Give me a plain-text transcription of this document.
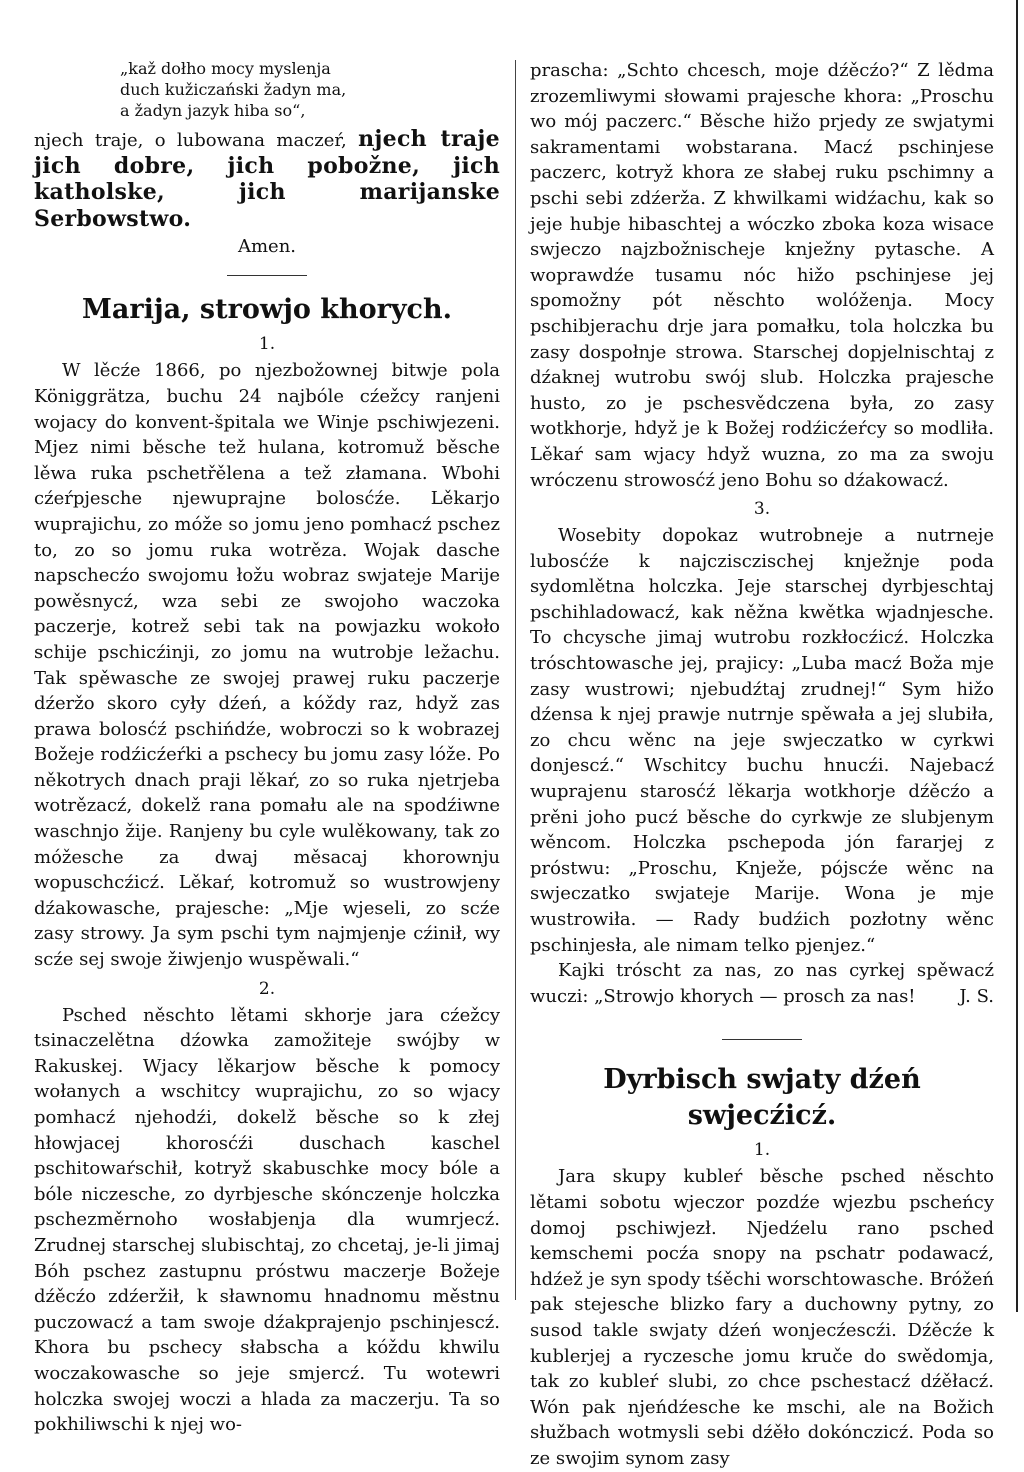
„kaž dołho mocy myslenja
duch kužiczański žadyn ma,
a žadyn jazyk hiba so“,

njech traje, o lubowana maczeŕ, njech traje jich dobre, jich pobožne, jich katholske, jich marijanske Serbowstwo.

Amen.
Marija, strowjo khorych.
1.

W lěcźe 1866, po njezbožownej bitwje pola Königgrätza, buchu 24 najbóle cźežcy ranjeni wojacy do konvent-špitala we Winje pschiwjezeni. Mjez nimi běsche tež hulana, kotromuž běsche lěwa ruka pschetřělena a tež złamana. Wbohi cźeŕpjesche njewuprajne bolosćźe. Lěkarjo wuprajichu, zo móže so jomu jeno pomhacź pschez to, zo so jomu ruka wotrěza. Wojak dasche napschecźo swojomu łožu wobraz swjateje Marije powěsnycź, wza sebi ze swojoho waczoka paczerje, kotrež sebi tak na powjazku wokoło schije pschicźinji, zo jomu na wutrobje ležachu. Tak spěwasche ze swojej prawej ruku paczerje dźeržo skoro cyły dźeń, a kóždy raz, hdyž zas prawa bolosćź pschińdźe, wobroczi so k wobrazej Božeje rodźicźeŕki a pschecy bu jomu zasy lóže. Po někotrych dnach praji lěkaŕ, zo so ruka njetrjeba wotrězacź, dokelž rana pomału ale na spodźiwne waschnjo žije. Ranjeny bu cyle wulěkowany, tak zo móžesche za dwaj měsacaj khorownju wopuschcźicź. Lěkaŕ, kotromuž so wustrowjeny dźakowasche, prajesche: „Mje wjeseli, zo scźe zasy strowy. Ja sym pschi tym najmjenje cźinił, wy scźe sej swoje žiwjenjo wuspěwali.“

2.

Psched něschto lětami skhorje jara cźežcy tsinaczelětna dźowka zamožiteje swójby w Rakuskej. Wjacy lěkarjow běsche k pomocy wołanych a wschitcy wuprajichu, zo so wjacy pomhacź njehodźi, dokelž běsche so k złej hłowjacej khorosćźi duschach kaschel pschitowaŕschił, kotryž skabuschke mocy bóle a bóle niczesche, zo dyrbjesche skónczenje holczka pschezměrnoho wosłabjenja dla wumrjecź. Zrudnej starschej slubischtaj, zo chcetaj, je-li jimaj Bóh pschez zastupnu próstwu maczerje Božeje dźěcźo zdźeržił, k sławnomu hnadnomu městnu puczowacź a tam swoje dźakprajenjo pschinjescź. Khora bu pschecy słabscha a kóždu khwilu woczakowasche so jeje smjercź. Tu wotewri holczka swojej woczi a hlada za maczerju. Ta so pokhiliwschi k njej wo-

praschа: „Schto chcesch, moje dźěcźo?“ Z lědma zrozemliwymi słowami prajesche khora: „Proschu wo mój paczerc.“ Běsche hižo prjedy ze swjatymi sakramentami wobstarana. Macź pschinjese paczerc, kotryž khora ze słabej ruku pschimny a pschi sebi zdźerža. Z khwilkami widźachu, kak so jeje hubje hibaschtej a wóczko zboka koza wisace swjeczo najzbožnischeje knježny pytasche. A woprawdźe tusamu nóc hižo pschinjese jej spomožny pót něschto wolóženja. Mocy pschibjerachu drje jara pomałku, tola holczka bu zasy dospołnje strowa. Starschej dopjelnischtaj z dźaknej wutrobu swój slub. Holczka prajesche husto, zo je pschesvědczena była, zo zasy wotkhorje, hdyž je k Božej rodźicźeŕcy so modliła. Lěkaŕ sam wjacy hdyž wuzna, zo ma za swoju wróczenu strowosćź jeno Bohu so dźakowacź.

3.

Wosebity dopokaz wutrobneje a nutrneje lubosćźe k najczisczischej knježnje poda sydomlětna holczka. Jeje starschej dyrbjeschtaj pschihladowacź, kak něžna kwětka wjadnjesche. To chcysche jimaj wutrobu rozkłocźicź. Holczka tróschtowasche jej, prajicy: „Luba macź Boža mje zasy wustrowi; njebudźtaj zrudnej!“ Sym hižo dźensa k njej prawje nutrnje spěwała a jej slubiła, zo chcu wěnc na jeje swjeczatko w cyrkwi donjescź.“ Wschitcy buchu hnucźi. Najebacź wuprajenu starosćź lěkarja wotkhorje dźěcźo a prěni joho pucź běsche do cyrkwje ze slubjenym wěncom. Holczka pschepoda jón fararjej z próstwu: „Proschu, Knježe, pójscźe wěnc na swjeczatko swjateje Marije. Wona je mje wustrowiła. — Rady budźich pozłotny wěnc pschinjesła, ale nimam telko pjenjez.“

Kajki tróscht za nas, zo nas cyrkej spěwacź wuczi: „Strowjo khorych — prosch za nas!	J. S.

Dyrbisch swjaty dźeń swjecźicź.
1.

Jara skupy kubleŕ běsche psched něschto lětami sobotu wjeczor pozdźe wjezbu pscheńcy domoj pschiwjezł. Njedźelu rano psched kemschemi pocźa snopy na pschatr podawacź, hdźež je syn spody tśěchi worschtowasche. Bróžeń pak stejesche blizko fary a duchowny pytny, zo susod takle swjaty dźeń wonjecźescźi. Dźěcźe k kublerjej a ryczesche jomu kruče do swědomja, tak zo kubleŕ slubi, zo chce pschestacź dźěłacź. Wón pak njeńdźesche ke mschi, ale na Božich słužbach wotmysli sebi dźěło dokónczicź. Poda so ze swojim synom zasy
